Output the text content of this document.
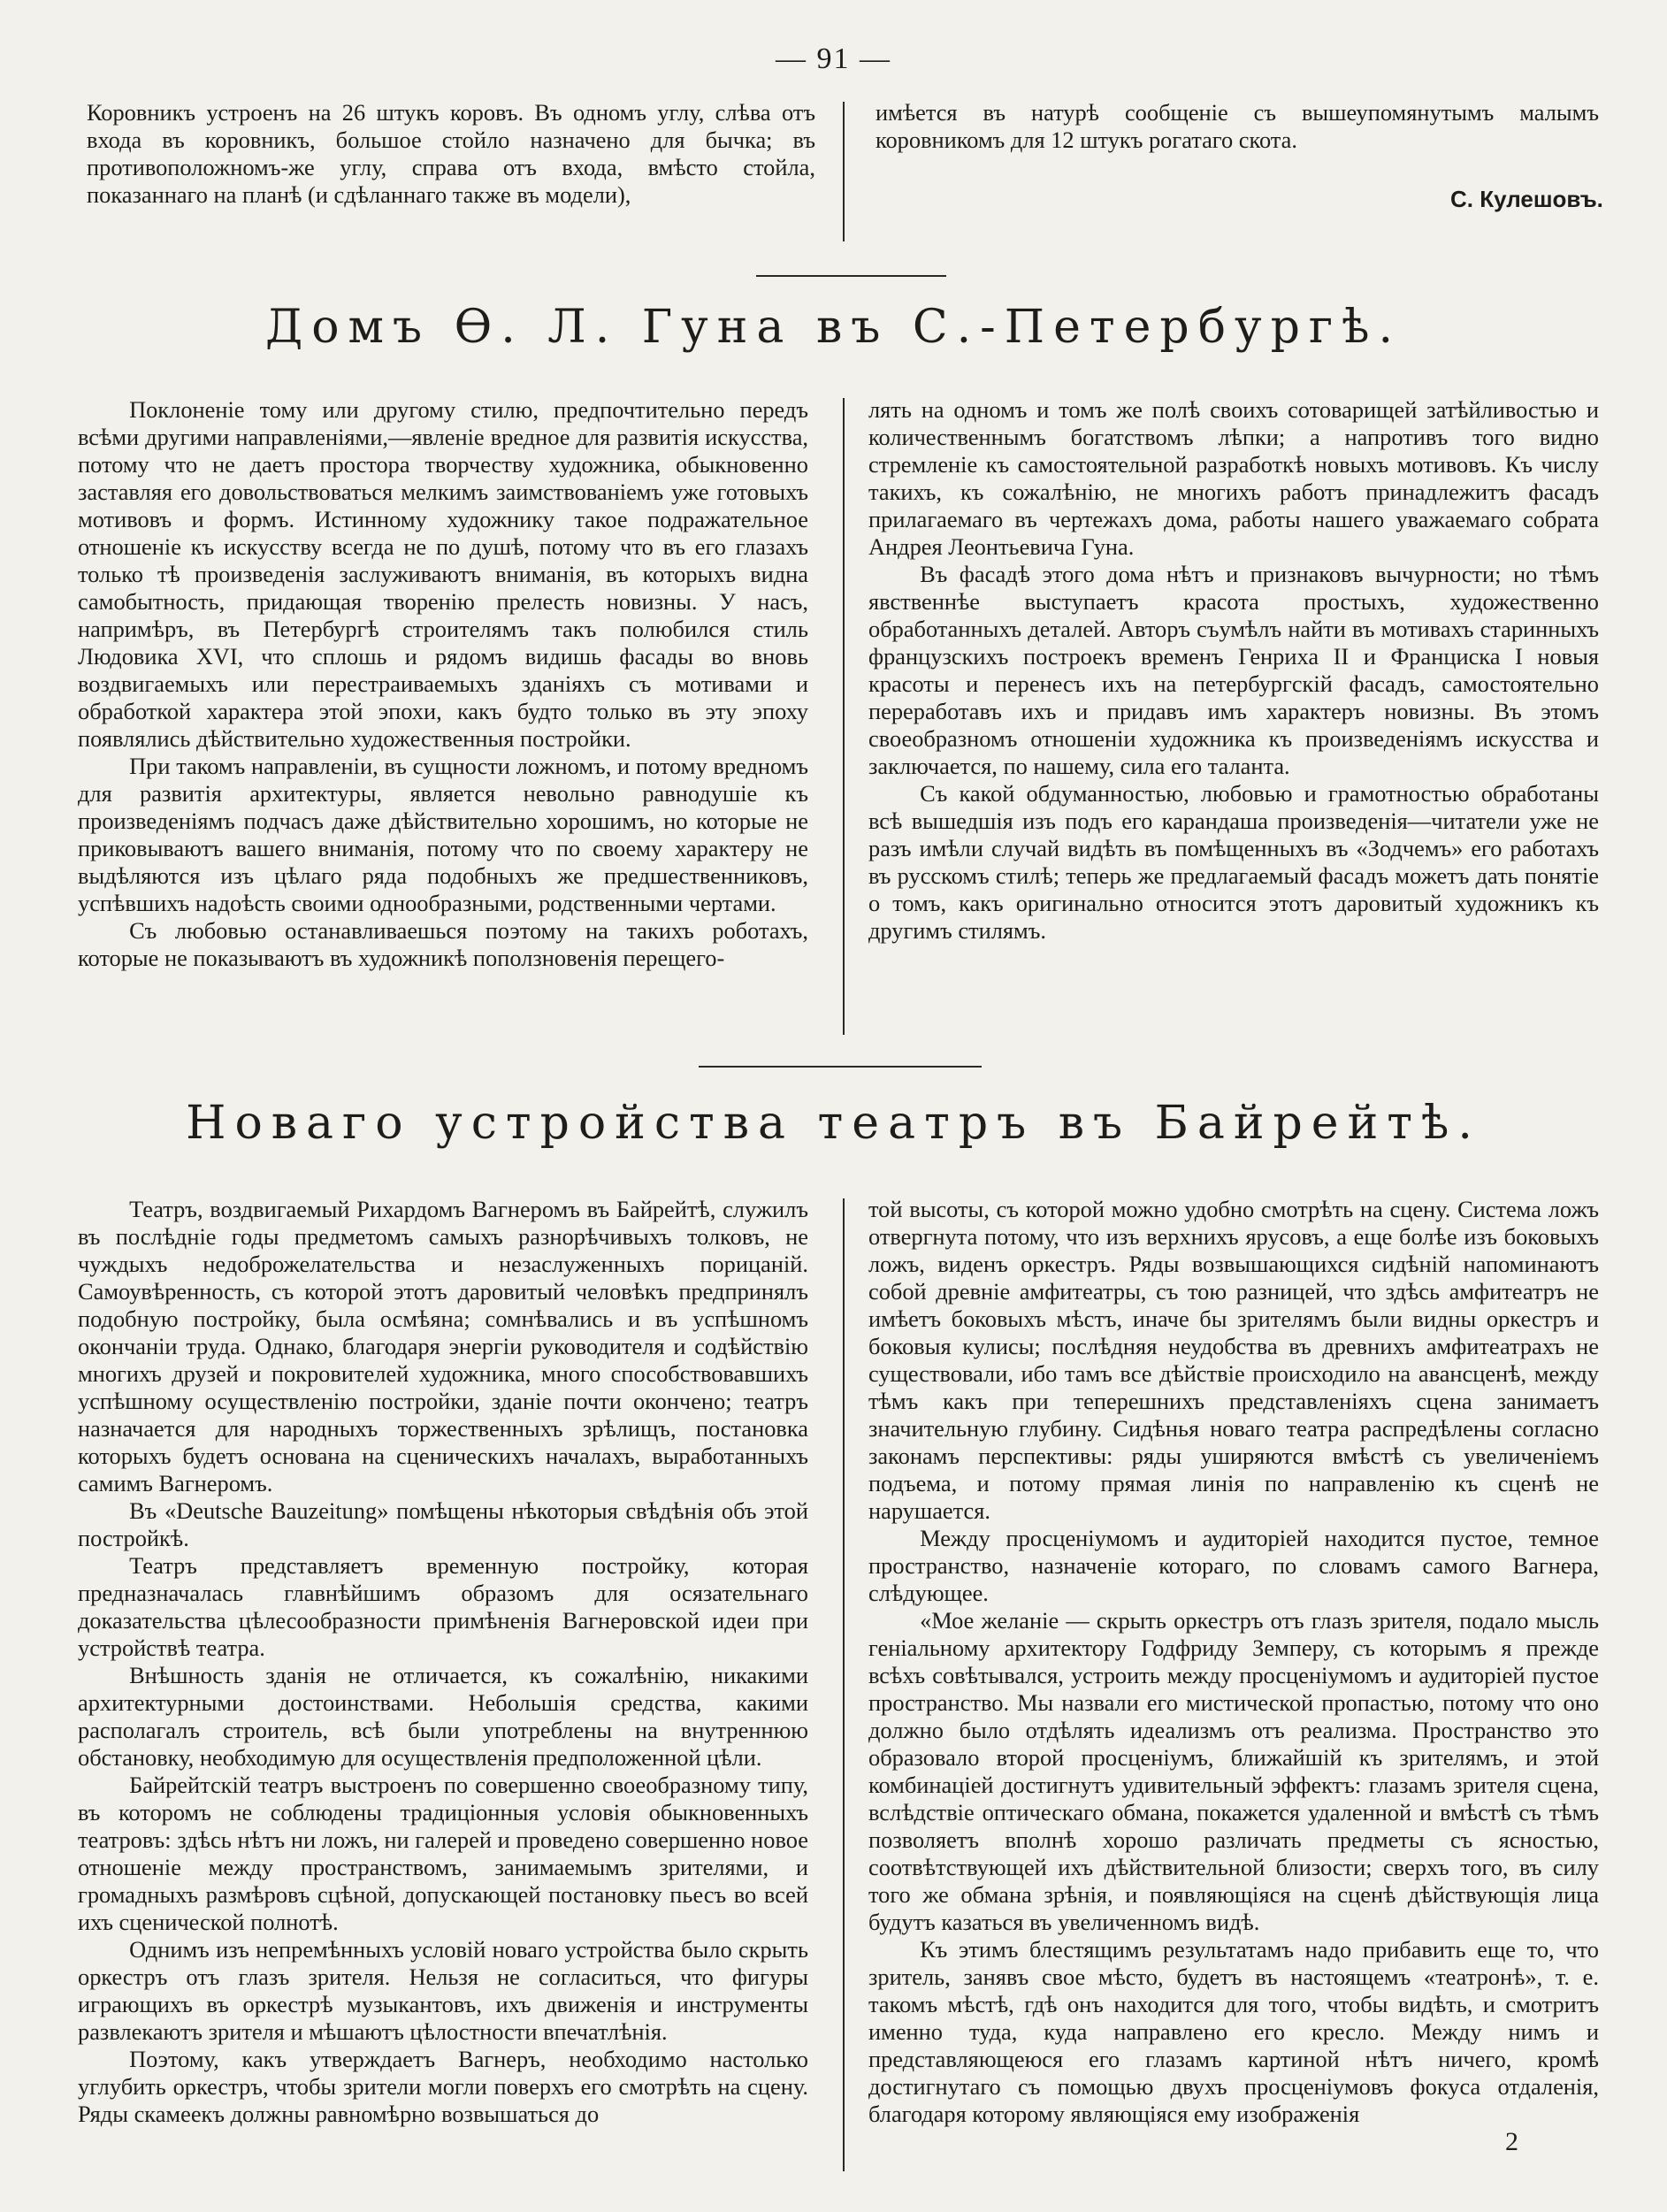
— 91 —

Коровникъ устроенъ на 26 штукъ коровъ. Въ одномъ углу, слѣва отъ входа въ коровникъ, большое стойло назначено для бычка; въ противоположномъ-же углу, справа отъ входа, вмѣсто стойла, показаннаго на планѣ (и сдѣланнаго также въ модели),

имѣется въ натурѣ сообщеніе съ вышеупомянутымъ малымъ коровникомъ для 12 штукъ рогатаго скота.

С. Кулешовъ.
Домъ Ѳ. Л. Гуна въ С.-Петербургѣ.

Поклоненіе тому или другому стилю, предпочтительно передъ всѣми другими направленіями,—явленіе вредное для развитія искусства, потому что не даетъ простора творчеству художника, обыкновенно заставляя его довольствоваться мелкимъ заимствованіемъ уже готовыхъ мотивовъ и формъ. Истинному художнику такое подражательное отношеніе къ искусству всегда не по душѣ, потому что въ его глазахъ только тѣ произведенія заслуживаютъ вниманія, въ которыхъ видна самобытность, придающая творенію прелесть новизны. У насъ, напримѣръ, въ Петербургѣ строителямъ такъ полюбился стиль Людовика XVI, что сплошь и рядомъ видишь фасады во вновь воздвигаемыхъ или перестраиваемыхъ зданіяхъ съ мотивами и обработкой характера этой эпохи, какъ будто только въ эту эпоху появлялись дѣйствительно художественныя постройки.

При такомъ направленіи, въ сущности ложномъ, и потому вредномъ для развитія архитектуры, является невольно равнодушіе къ произведеніямъ подчасъ даже дѣйствительно хорошимъ, но которые не приковываютъ вашего вниманія, потому что по своему характеру не выдѣляются изъ цѣлаго ряда подобныхъ же предшественниковъ, успѣвшихъ надоѣсть своими однообразными, родственными чертами.

Съ любовью останавливаешься поэтому на такихъ роботахъ, которые не показываютъ въ художникѣ поползновенія перещего-

лять на одномъ и томъ же полѣ своихъ сотоварищей затѣйливостью и количественнымъ богатствомъ лѣпки; а напротивъ того видно стремленіе къ самостоятельной разработкѣ новыхъ мотивовъ. Къ числу такихъ, къ сожалѣнію, не многихъ работъ принадлежитъ фасадъ прилагаемаго въ чертежахъ дома, работы нашего уважаемаго собрата Андрея Леонтьевича Гуна.

Въ фасадѣ этого дома нѣтъ и признаковъ вычурности; но тѣмъ явственнѣе выступаетъ красота простыхъ, художественно обработанныхъ деталей. Авторъ съумѣлъ найти въ мотивахъ старинныхъ французскихъ построекъ временъ Генриха II и Франциска I новыя красоты и перенесъ ихъ на петербургскій фасадъ, самостоятельно переработавъ ихъ и придавъ имъ характеръ новизны. Въ этомъ своеобразномъ отношеніи художника къ произведеніямъ искусства и заключается, по нашему, сила его таланта.

Съ какой обдуманностью, любовью и грамотностью обработаны всѣ вышедшія изъ подъ его карандаша произведенія—читатели уже не разъ имѣли случай видѣть въ помѣщенныхъ въ «Зодчемъ» его работахъ въ русскомъ стилѣ; теперь же предлагаемый фасадъ можетъ дать понятіе о томъ, какъ оригинально относится этотъ даровитый художникъ къ другимъ стилямъ.

Новаго устройства театръ въ Байрейтѣ.

Театръ, воздвигаемый Рихардомъ Вагнеромъ въ Байрейтѣ, служилъ въ послѣдніе годы предметомъ самыхъ разнорѣчивыхъ толковъ, не чуждыхъ недоброжелательства и незаслуженныхъ порицаній. Самоувѣренность, съ которой этотъ даровитый человѣкъ предпринялъ подобную постройку, была осмѣяна; сомнѣвались и въ успѣшномъ окончаніи труда. Однако, благодаря энергіи руководителя и содѣйствію многихъ друзей и покровителей художника, много способствовавшихъ успѣшному осуществленію постройки, зданіе почти окончено; театръ назначается для народныхъ торжественныхъ зрѣлищъ, постановка которыхъ будетъ основана на сценическихъ началахъ, выработанныхъ самимъ Вагнеромъ.

Въ «Deutsche Bauzeitung» помѣщены нѣкоторыя свѣдѣнія объ этой постройкѣ.

Театръ представляетъ временную постройку, которая предназначалась главнѣйшимъ образомъ для осязательнаго доказательства цѣлесообразности примѣненія Вагнеровской идеи при устройствѣ театра.

Внѣшность зданія не отличается, къ сожалѣнію, никакими архитектурными достоинствами. Небольшія средства, какими располагалъ строитель, всѣ были употреблены на внутреннюю обстановку, необходимую для осуществленія предположенной цѣли.

Байрейтскій театръ выстроенъ по совершенно своеобразному типу, въ которомъ не соблюдены традиціонныя условія обыкновенныхъ театровъ: здѣсь нѣтъ ни ложъ, ни галерей и проведено совершенно новое отношеніе между пространствомъ, занимаемымъ зрителями, и громадныхъ размѣровъ сцѣной, допускающей постановку пьесъ во всей ихъ сценической полнотѣ.

Однимъ изъ непремѣнныхъ условій новаго устройства было скрыть оркестръ отъ глазъ зрителя. Нельзя не согласиться, что фигуры играющихъ въ оркестрѣ музыкантовъ, ихъ движенія и инструменты развлекаютъ зрителя и мѣшаютъ цѣлостности впечатлѣнія.

Поэтому, какъ утверждаетъ Вагнеръ, необходимо настолько углубить оркестръ, чтобы зрители могли поверхъ его смотрѣть на сцену. Ряды скамеекъ должны равномѣрно возвышаться до

той высоты, съ которой можно удобно смотрѣть на сцену. Система ложъ отвергнута потому, что изъ верхнихъ ярусовъ, а еще болѣе изъ боковыхъ ложъ, виденъ оркестръ. Ряды возвышающихся сидѣній напоминаютъ собой древніе амфитеатры, съ тою разницей, что здѣсь амфитеатръ не имѣетъ боковыхъ мѣстъ, иначе бы зрителямъ были видны оркестръ и боковыя кулисы; послѣдняя неудобства въ древнихъ амфитеатрахъ не существовали, ибо тамъ все дѣйствіе происходило на авансценѣ, между тѣмъ какъ при теперешнихъ представленіяхъ сцена занимаетъ значительную глубину. Сидѣнья новаго театра распредѣлены согласно законамъ перспективы: ряды уширяются вмѣстѣ съ увеличеніемъ подъема, и потому прямая линія по направленію къ сценѣ не нарушается.

Между просценіумомъ и аудиторіей находится пустое, темное пространство, назначеніе котораго, по словамъ самого Вагнера, слѣдующее.

«Мое желаніе — скрыть оркестръ отъ глазъ зрителя, подало мысль геніальному архитектору Годфриду Земперу, съ которымъ я прежде всѣхъ совѣтывался, устроить между просценіумомъ и аудиторіей пустое пространство. Мы назвали его мистической пропастью, потому что оно должно было отдѣлять идеализмъ отъ реализма. Пространство это образовало второй просценіумъ, ближайшій къ зрителямъ, и этой комбинаціей достигнутъ удивительный эффектъ: глазамъ зрителя сцена, вслѣдствіе оптическаго обмана, покажется удаленной и вмѣстѣ съ тѣмъ позволяетъ вполнѣ хорошо различать предметы съ ясностью, соотвѣтствующей ихъ дѣйствительной близости; сверхъ того, въ силу того же обмана зрѣнія, и появляющіяся на сценѣ дѣйствующія лица будутъ казаться въ увеличенномъ видѣ.

Къ этимъ блестящимъ результатамъ надо прибавить еще то, что зритель, занявъ свое мѣсто, будетъ въ настоящемъ «театронѣ», т. е. такомъ мѣстѣ, гдѣ онъ находится для того, чтобы видѣть, и смотритъ именно туда, куда направлено его кресло. Между нимъ и представляющеюся его глазамъ картиной нѣтъ ничего, кромѣ достигнутаго съ помощью двухъ просценіумовъ фокуса отдаленія, благодаря которому являющіяся ему изображенія

2
